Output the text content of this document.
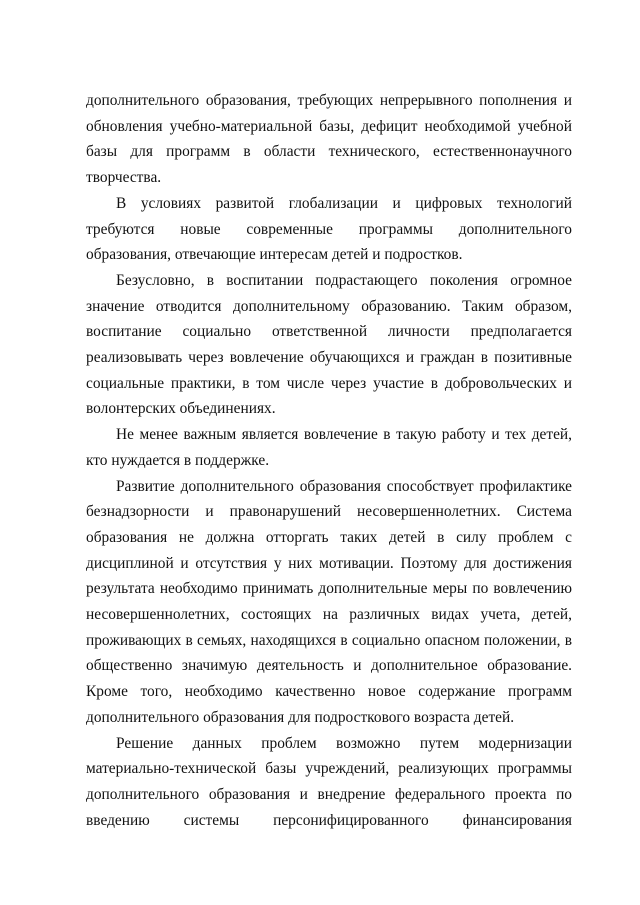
дополнительного образования, требующих непрерывного пополнения и обновления учебно-материальной базы, дефицит необходимой учебной базы для программ в области технического, естественнонаучного творчества.

В условиях развитой глобализации и цифровых технологий требуются новые современные программы дополнительного образования, отвечающие интересам детей и подростков.

Безусловно, в воспитании подрастающего поколения огромное значение отводится дополнительному образованию. Таким образом, воспитание социально ответственной личности предполагается реализовывать через вовлечение обучающихся и граждан в позитивные социальные практики, в том числе через участие в добровольческих и волонтерских объединениях.

Не менее важным является вовлечение в такую работу и тех детей, кто нуждается в поддержке.

Развитие дополнительного образования способствует профилактике безнадзорности и правонарушений несовершеннолетних. Система образования не должна отторгать таких детей в силу проблем с дисциплиной и отсутствия у них мотивации. Поэтому для достижения результата необходимо принимать дополнительные меры по вовлечению несовершеннолетних, состоящих на различных видах учета, детей, проживающих в семьях, находящихся в социально опасном положении, в общественно значимую деятельность и дополнительное образование. Кроме того, необходимо качественно новое содержание программ дополнительного образования для подросткового возраста детей.

Решение данных проблем возможно путем модернизации материально-технической базы учреждений, реализующих программы дополнительного образования и внедрение федерального проекта по введению системы персонифицированного финансирования
